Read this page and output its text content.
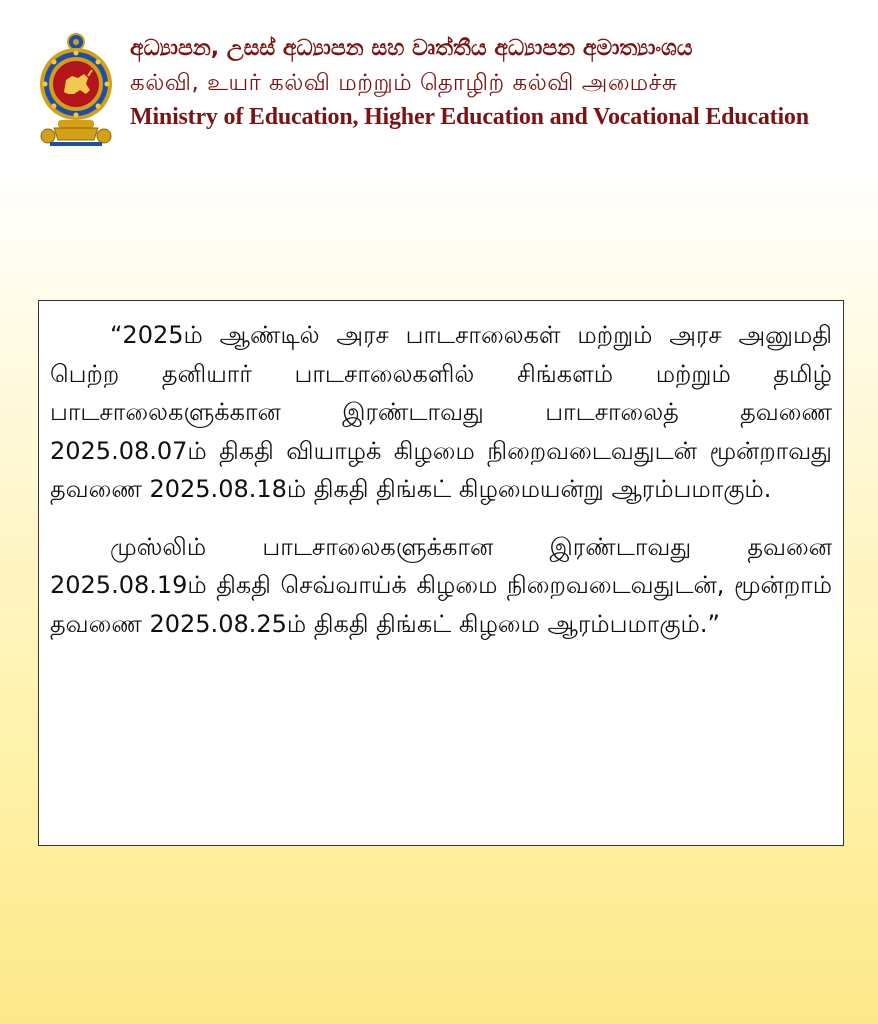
අධ්‍යාපන, උසස් අධ්‍යාපන සහ වෘත්තීය අධ්‍යාපන අමාත්‍යාංශය
கல்வி, உயர் கல்வி மற்றும் தொழிற் கல்வி அமைச்சு
Ministry of Education, Higher Education and Vocational Education

“2025ம் ஆண்டில் அரச பாடசாலைகள் மற்றும் அரச அனுமதி பெற்ற தனியார் பாடசாலைகளில் சிங்களம் மற்றும் தமிழ் பாடசாலைகளுக்கான இரண்டாவது பாடசாலைத் தவணை 2025.08.07ம் திகதி வியாழக் கிழமை நிறைவடைவதுடன் மூன்றாவது தவணை 2025.08.18ம் திகதி திங்கட் கிழமையன்று ஆரம்பமாகும்.

முஸ்லிம் பாடசாலைகளுக்கான இரண்டாவது தவனை 2025.08.19ம் திகதி செவ்வாய்க் கிழமை நிறைவடைவதுடன், மூன்றாம் தவணை 2025.08.25ம் திகதி திங்கட் கிழமை ஆரம்பமாகும்.”
